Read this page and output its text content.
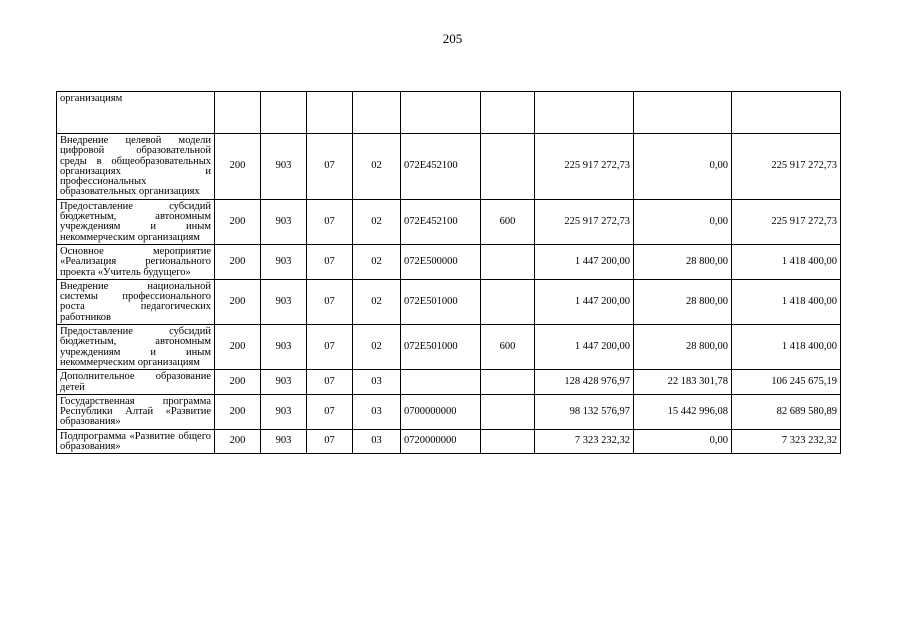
205
организациям									
Внедрение целевой модели цифровой образовательной среды в общеобразовательных организациях и профессиональных образовательных организациях	200	903	07	02	072E452100		225 917 272,73	0,00	225 917 272,73
Предоставление субсидий бюджетным, автономным учреждениям и иным некоммерческим организациям	200	903	07	02	072E452100	600	225 917 272,73	0,00	225 917 272,73
Основное мероприятие «Реализация регионального проекта «Учитель будущего»	200	903	07	02	072E500000		1 447 200,00	28 800,00	1 418 400,00
Внедрение национальной системы профессионального роста педагогических работников	200	903	07	02	072E501000		1 447 200,00	28 800,00	1 418 400,00
Предоставление субсидий бюджетным, автономным учреждениям и иным некоммерческим организациям	200	903	07	02	072E501000	600	1 447 200,00	28 800,00	1 418 400,00
Дополнительное образование детей	200	903	07	03			128 428 976,97	22 183 301,78	106 245 675,19
Государственная программа Республики Алтай «Развитие образования»	200	903	07	03	0700000000		98 132 576,97	15 442 996,08	82 689 580,89
Подпрограмма «Развитие общего образования»	200	903	07	03	0720000000		7 323 232,32	0,00	7 323 232,32
